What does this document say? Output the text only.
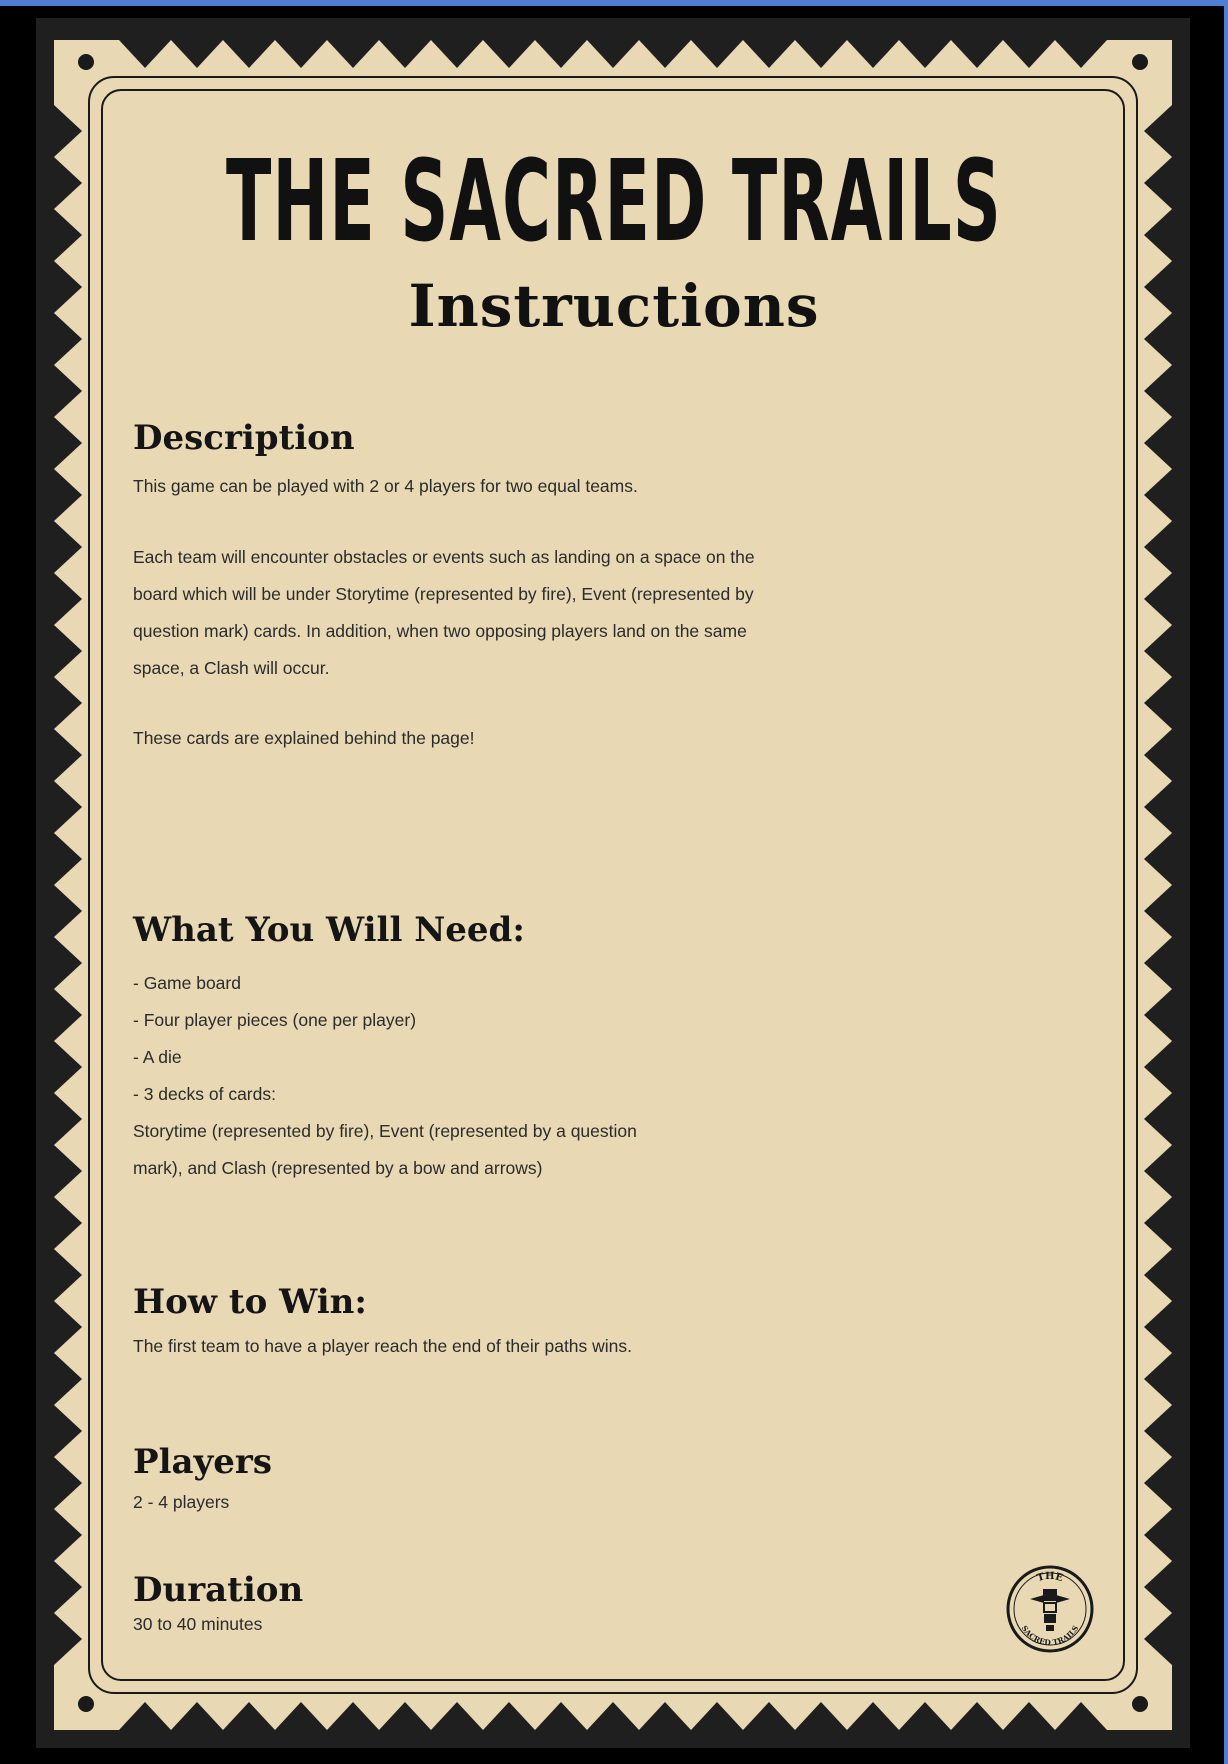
THE SACRED TRAILS
Instructions
Description

This game can be played with 2 or 4 players for two equal teams.

Each team will encounter obstacles or events such as landing on a space on the

board which will be under Storytime (represented by fire), Event (represented by

question mark) cards. In addition, when two opposing players land on the same

space, a Clash will occur.

These cards are explained behind the page!

What You Will Need:

- Game board

- Four player pieces (one per player)

- A die

- 3 decks of cards:

Storytime (represented by fire), Event (represented by a question

mark), and Clash (represented by a bow and arrows)

How to Win:

The first team to have a player reach the end of their paths wins.

Players

2 - 4 players

Duration

30 to 40 minutes

THE
SACRED TRAILS
